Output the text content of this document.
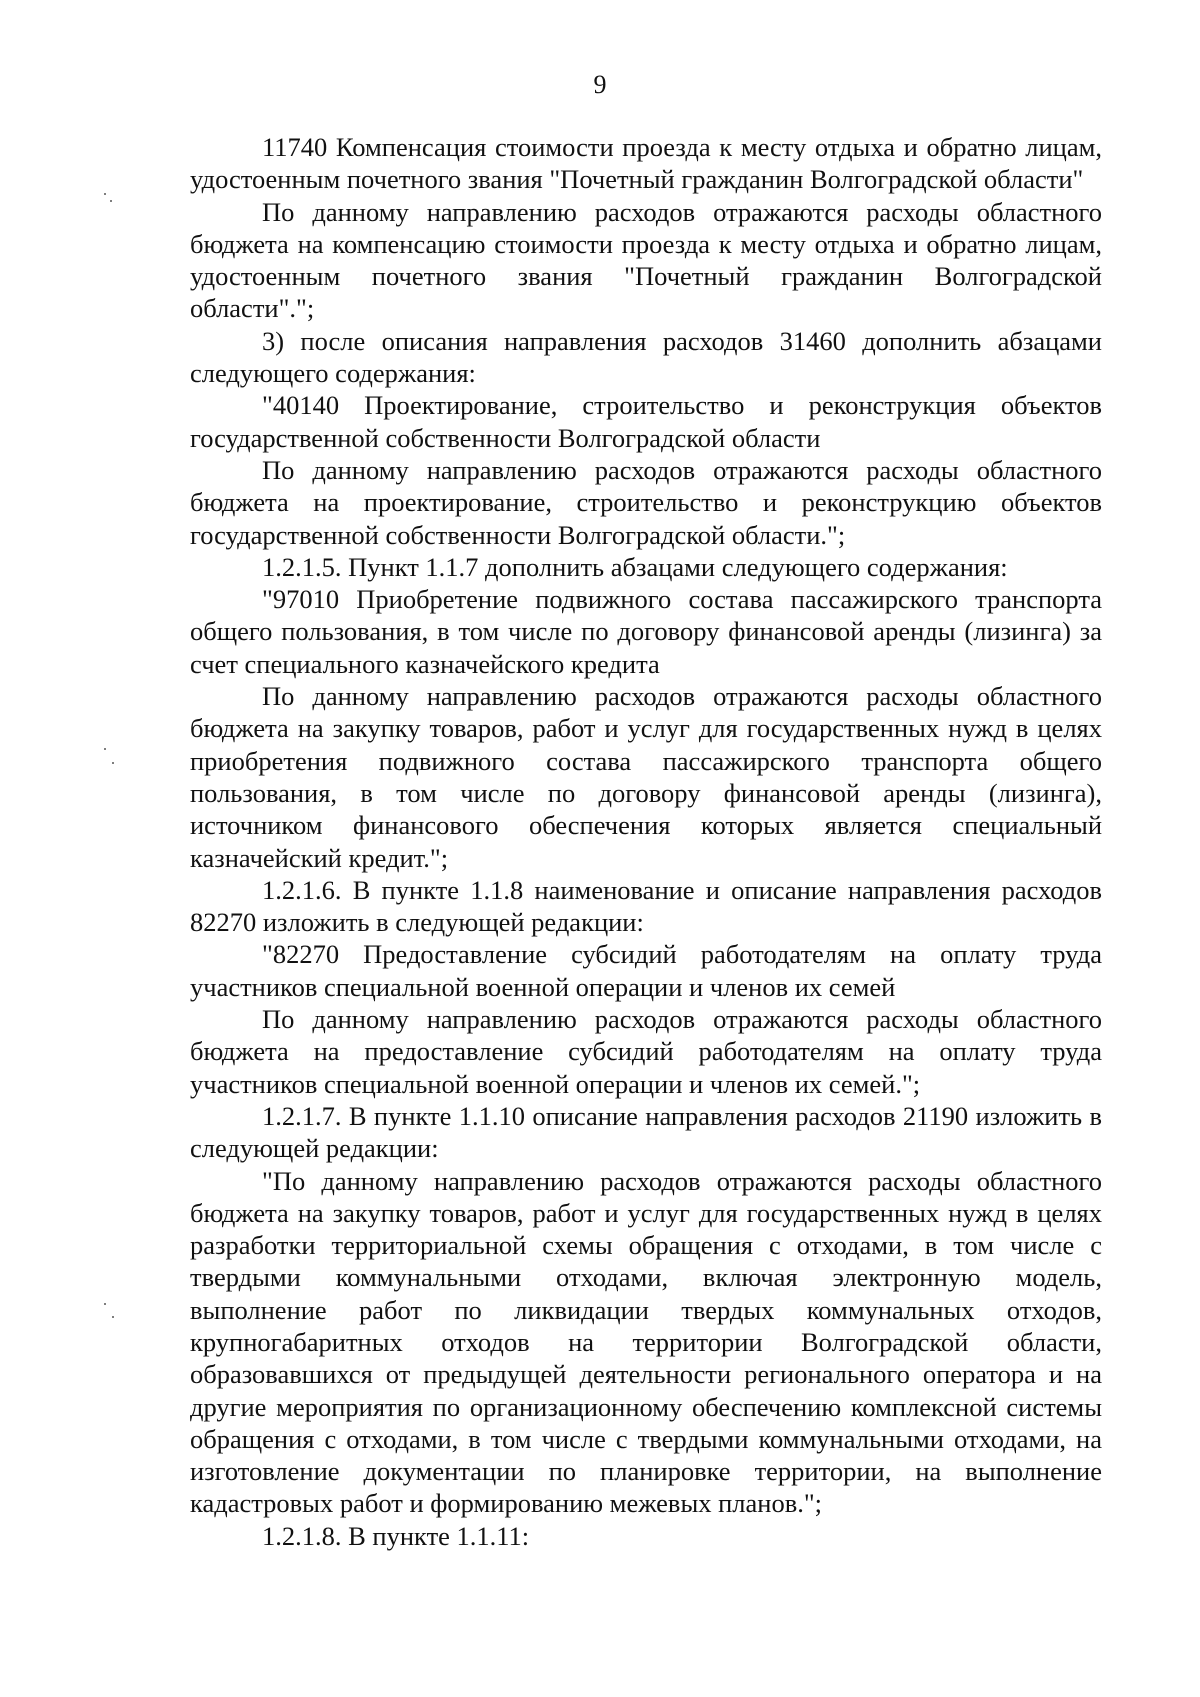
9

11740 Компенсация стоимости проезда к месту отдыха и обратно лицам, удостоенным почетного звания "Почетный гражданин Волгоградской области"

По данному направлению расходов отражаются расходы областного бюджета на компенсацию стоимости проезда к месту отдыха и обратно лицам, удостоенным почетного звания "Почетный гражданин Волгоградской области".";

3) после описания направления расходов 31460 дополнить абзацами следующего содержания:

"40140 Проектирование, строительство и реконструкция объектов государственной собственности Волгоградской области

По данному направлению расходов отражаются расходы областного бюджета на проектирование, строительство и реконструкцию объектов государственной собственности Волгоградской области.";

1.2.1.5. Пункт 1.1.7 дополнить абзацами следующего содержания:

"97010 Приобретение подвижного состава пассажирского транспорта общего пользования, в том числе по договору финансовой аренды (лизинга) за счет специального казначейского кредита

По данному направлению расходов отражаются расходы областного бюджета на закупку товаров, работ и услуг для государственных нужд в целях приобретения подвижного состава пассажирского транспорта общего пользования, в том числе по договору финансовой аренды (лизинга), источником финансового обеспечения которых является специальный казначейский кредит.";

1.2.1.6. В пункте 1.1.8 наименование и описание направления расходов 82270 изложить в следующей редакции:

"82270 Предоставление субсидий работодателям на оплату труда участников специальной военной операции и членов их семей

По данному направлению расходов отражаются расходы областного бюджета на предоставление субсидий работодателям на оплату труда участников специальной военной операции и членов их семей.";

1.2.1.7. В пункте 1.1.10 описание направления расходов 21190 изложить в следующей редакции:

"По данному направлению расходов отражаются расходы областного бюджета на закупку товаров, работ и услуг для государственных нужд в целях разработки территориальной схемы обращения с отходами, в том числе с твердыми коммунальными отходами, включая электронную модель, выполнение работ по ликвидации твердых коммунальных отходов, крупногабаритных отходов на территории Волгоградской области, образовавшихся от предыдущей деятельности регионального оператора и на другие мероприятия по организационному обеспечению комплексной системы обращения с отходами, в том числе с твердыми коммунальными отходами, на изготовление документации по планировке территории, на выполнение кадастровых работ и формированию межевых планов.";

1.2.1.8. В пункте 1.1.11:
